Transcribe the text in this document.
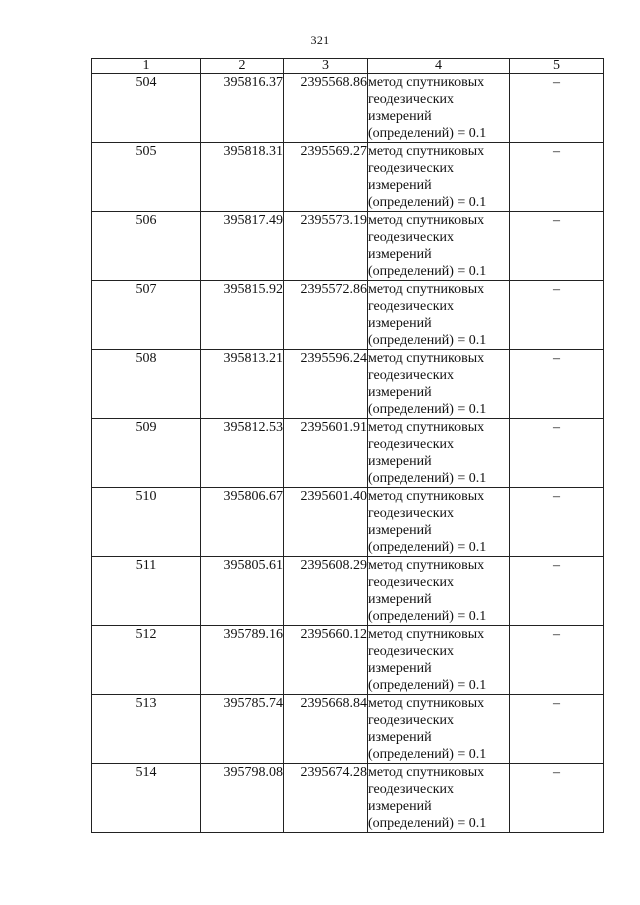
321
1	2	3	4	5
504	395816.37	2395568.86	метод спутниковых
геодезических
измерений
(определений) = 0.1	–
505	395818.31	2395569.27	метод спутниковых
геодезических
измерений
(определений) = 0.1	–
506	395817.49	2395573.19	метод спутниковых
геодезических
измерений
(определений) = 0.1	–
507	395815.92	2395572.86	метод спутниковых
геодезических
измерений
(определений) = 0.1	–
508	395813.21	2395596.24	метод спутниковых
геодезических
измерений
(определений) = 0.1	–
509	395812.53	2395601.91	метод спутниковых
геодезических
измерений
(определений) = 0.1	–
510	395806.67	2395601.40	метод спутниковых
геодезических
измерений
(определений) = 0.1	–
511	395805.61	2395608.29	метод спутниковых
геодезических
измерений
(определений) = 0.1	–
512	395789.16	2395660.12	метод спутниковых
геодезических
измерений
(определений) = 0.1	–
513	395785.74	2395668.84	метод спутниковых
геодезических
измерений
(определений) = 0.1	–
514	395798.08	2395674.28	метод спутниковых
геодезических
измерений
(определений) = 0.1	–
